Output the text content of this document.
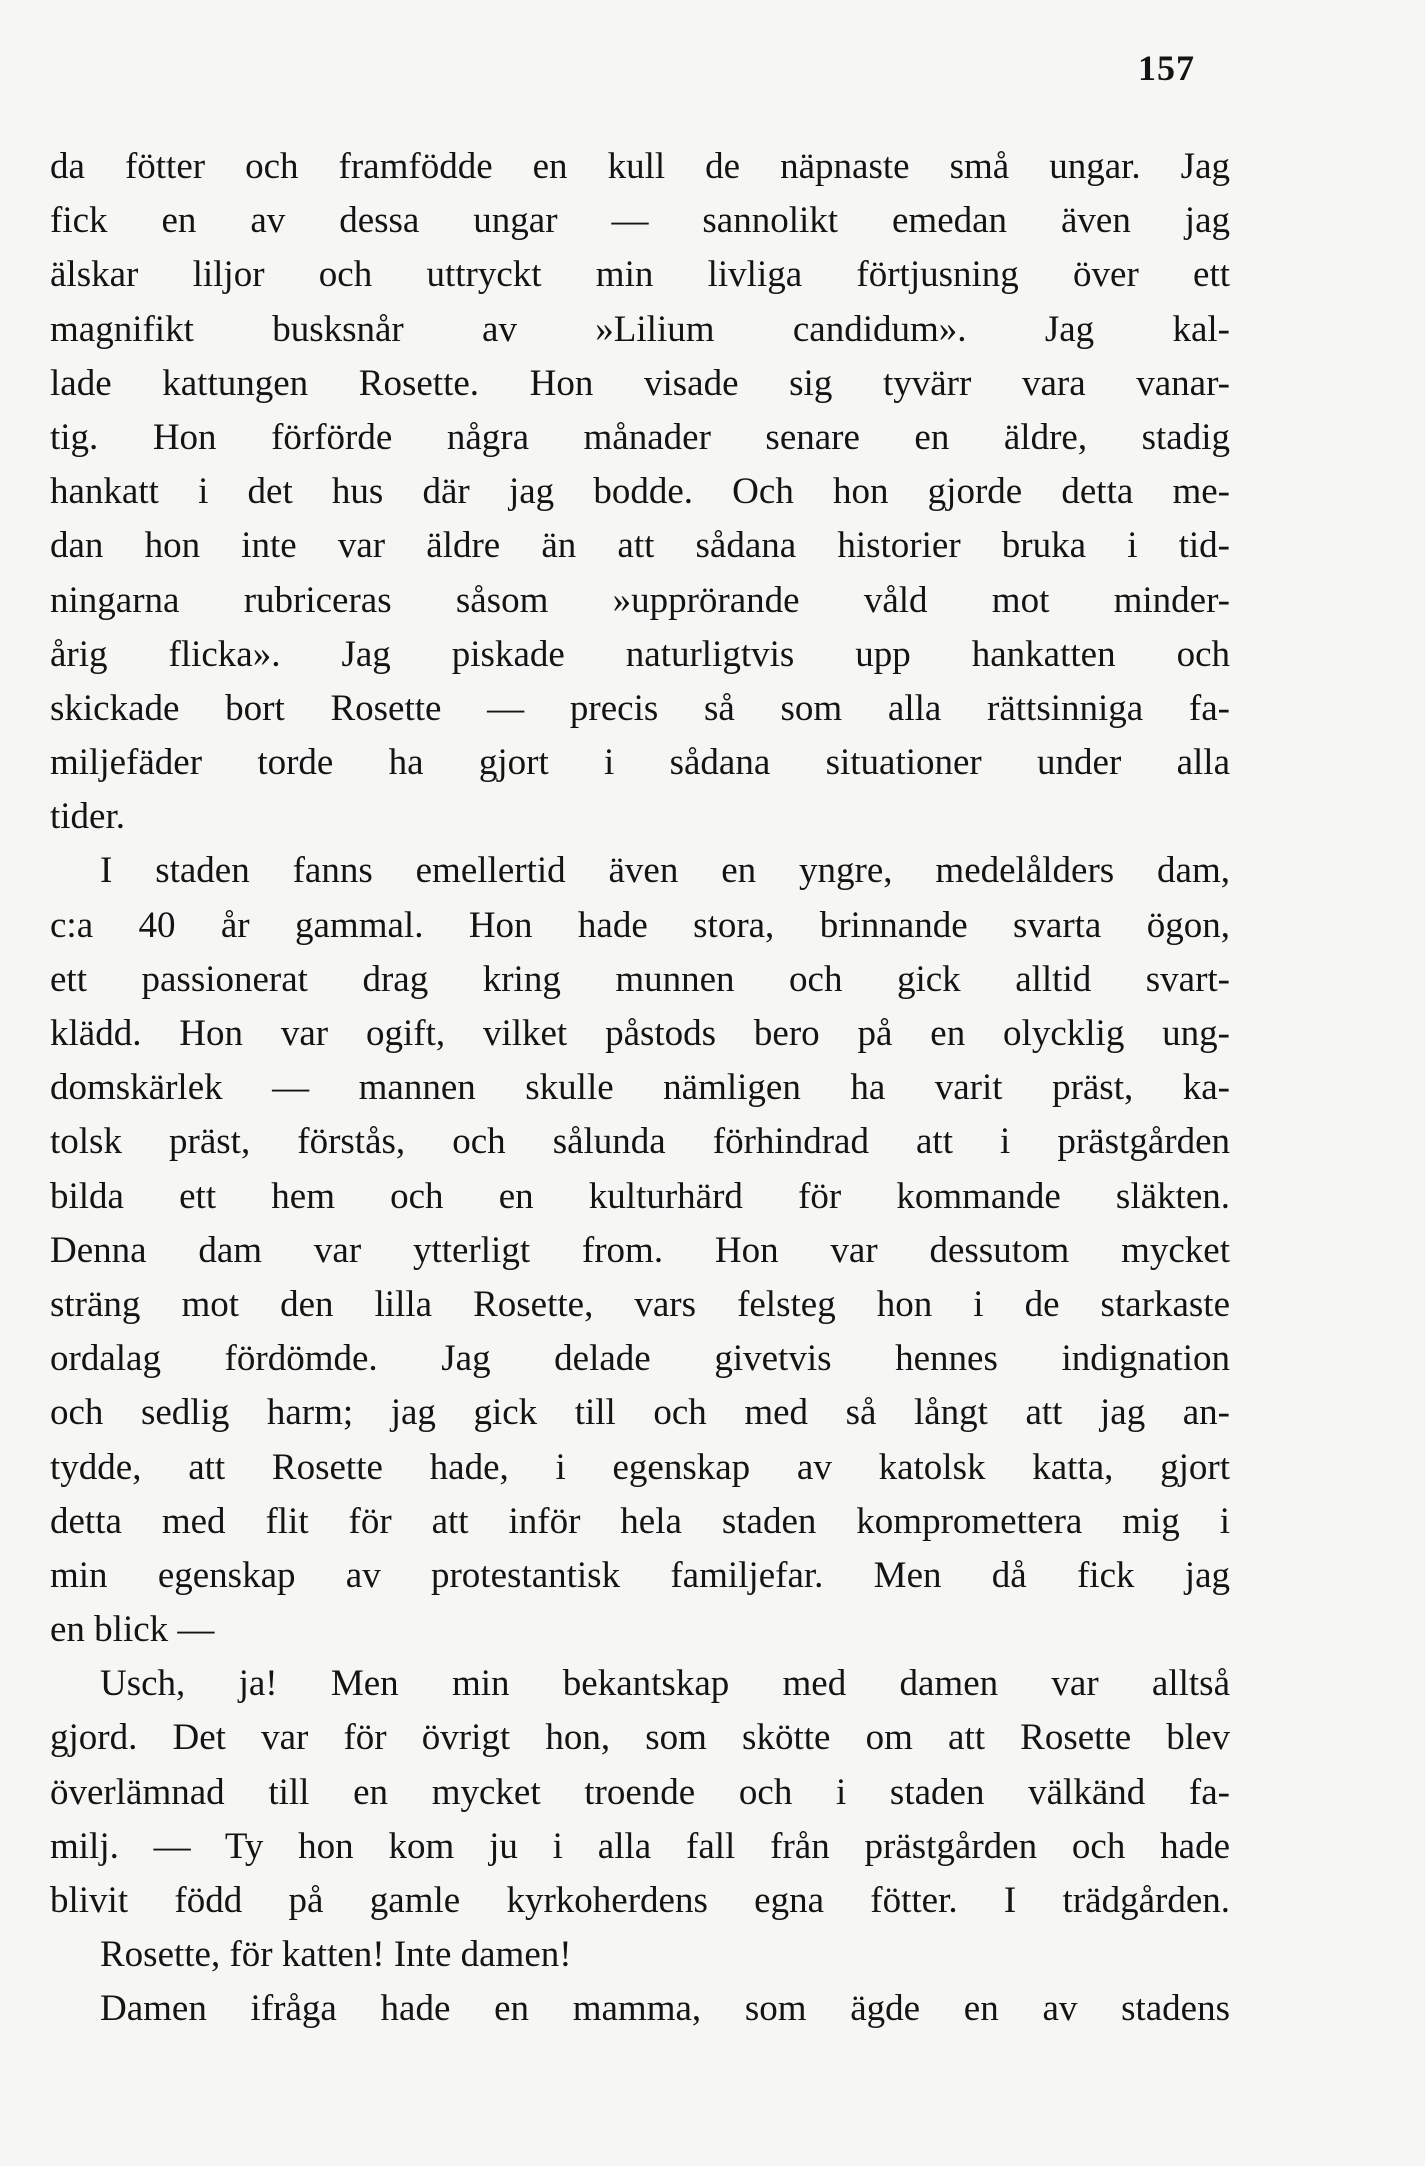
157
da fötter och framfödde en kull de näpnaste små ungar. Jag
fick en av dessa ungar — sannolikt emedan även jag
älskar liljor och uttryckt min livliga förtjusning över ett
magnifikt busksnår av »Lilium candidum». Jag kal-
lade kattungen Rosette. Hon visade sig tyvärr vara vanar-
tig. Hon förförde några månader senare en äldre, stadig
hankatt i det hus där jag bodde. Och hon gjorde detta me-
dan hon inte var äldre än att sådana historier bruka i tid-
ningarna rubriceras såsom »upprörande våld mot minder-
årig flicka». Jag piskade naturligtvis upp hankatten och
skickade bort Rosette — precis så som alla rättsinniga fa-
miljefäder torde ha gjort i sådana situationer under alla
tider.
I staden fanns emellertid även en yngre, medelålders dam,
c:a 40 år gammal. Hon hade stora, brinnande svarta ögon,
ett passionerat drag kring munnen och gick alltid svart-
klädd. Hon var ogift, vilket påstods bero på en olycklig ung-
domskärlek — mannen skulle nämligen ha varit präst, ka-
tolsk präst, förstås, och sålunda förhindrad att i prästgården
bilda ett hem och en kulturhärd för kommande släkten.
Denna dam var ytterligt from. Hon var dessutom mycket
sträng mot den lilla Rosette, vars felsteg hon i de starkaste
ordalag fördömde. Jag delade givetvis hennes indignation
och sedlig harm; jag gick till och med så långt att jag an-
tydde, att Rosette hade, i egenskap av katolsk katta, gjort
detta med flit för att inför hela staden kompromettera mig i
min egenskap av protestantisk familjefar. Men då fick jag
en blick —
Usch, ja! Men min bekantskap med damen var alltså
gjord. Det var för övrigt hon, som skötte om att Rosette blev
överlämnad till en mycket troende och i staden välkänd fa-
milj. — Ty hon kom ju i alla fall från prästgården och hade
blivit född på gamle kyrkoherdens egna fötter. I trädgården.
Rosette, för katten! Inte damen!
Damen ifråga hade en mamma, som ägde en av stadens
